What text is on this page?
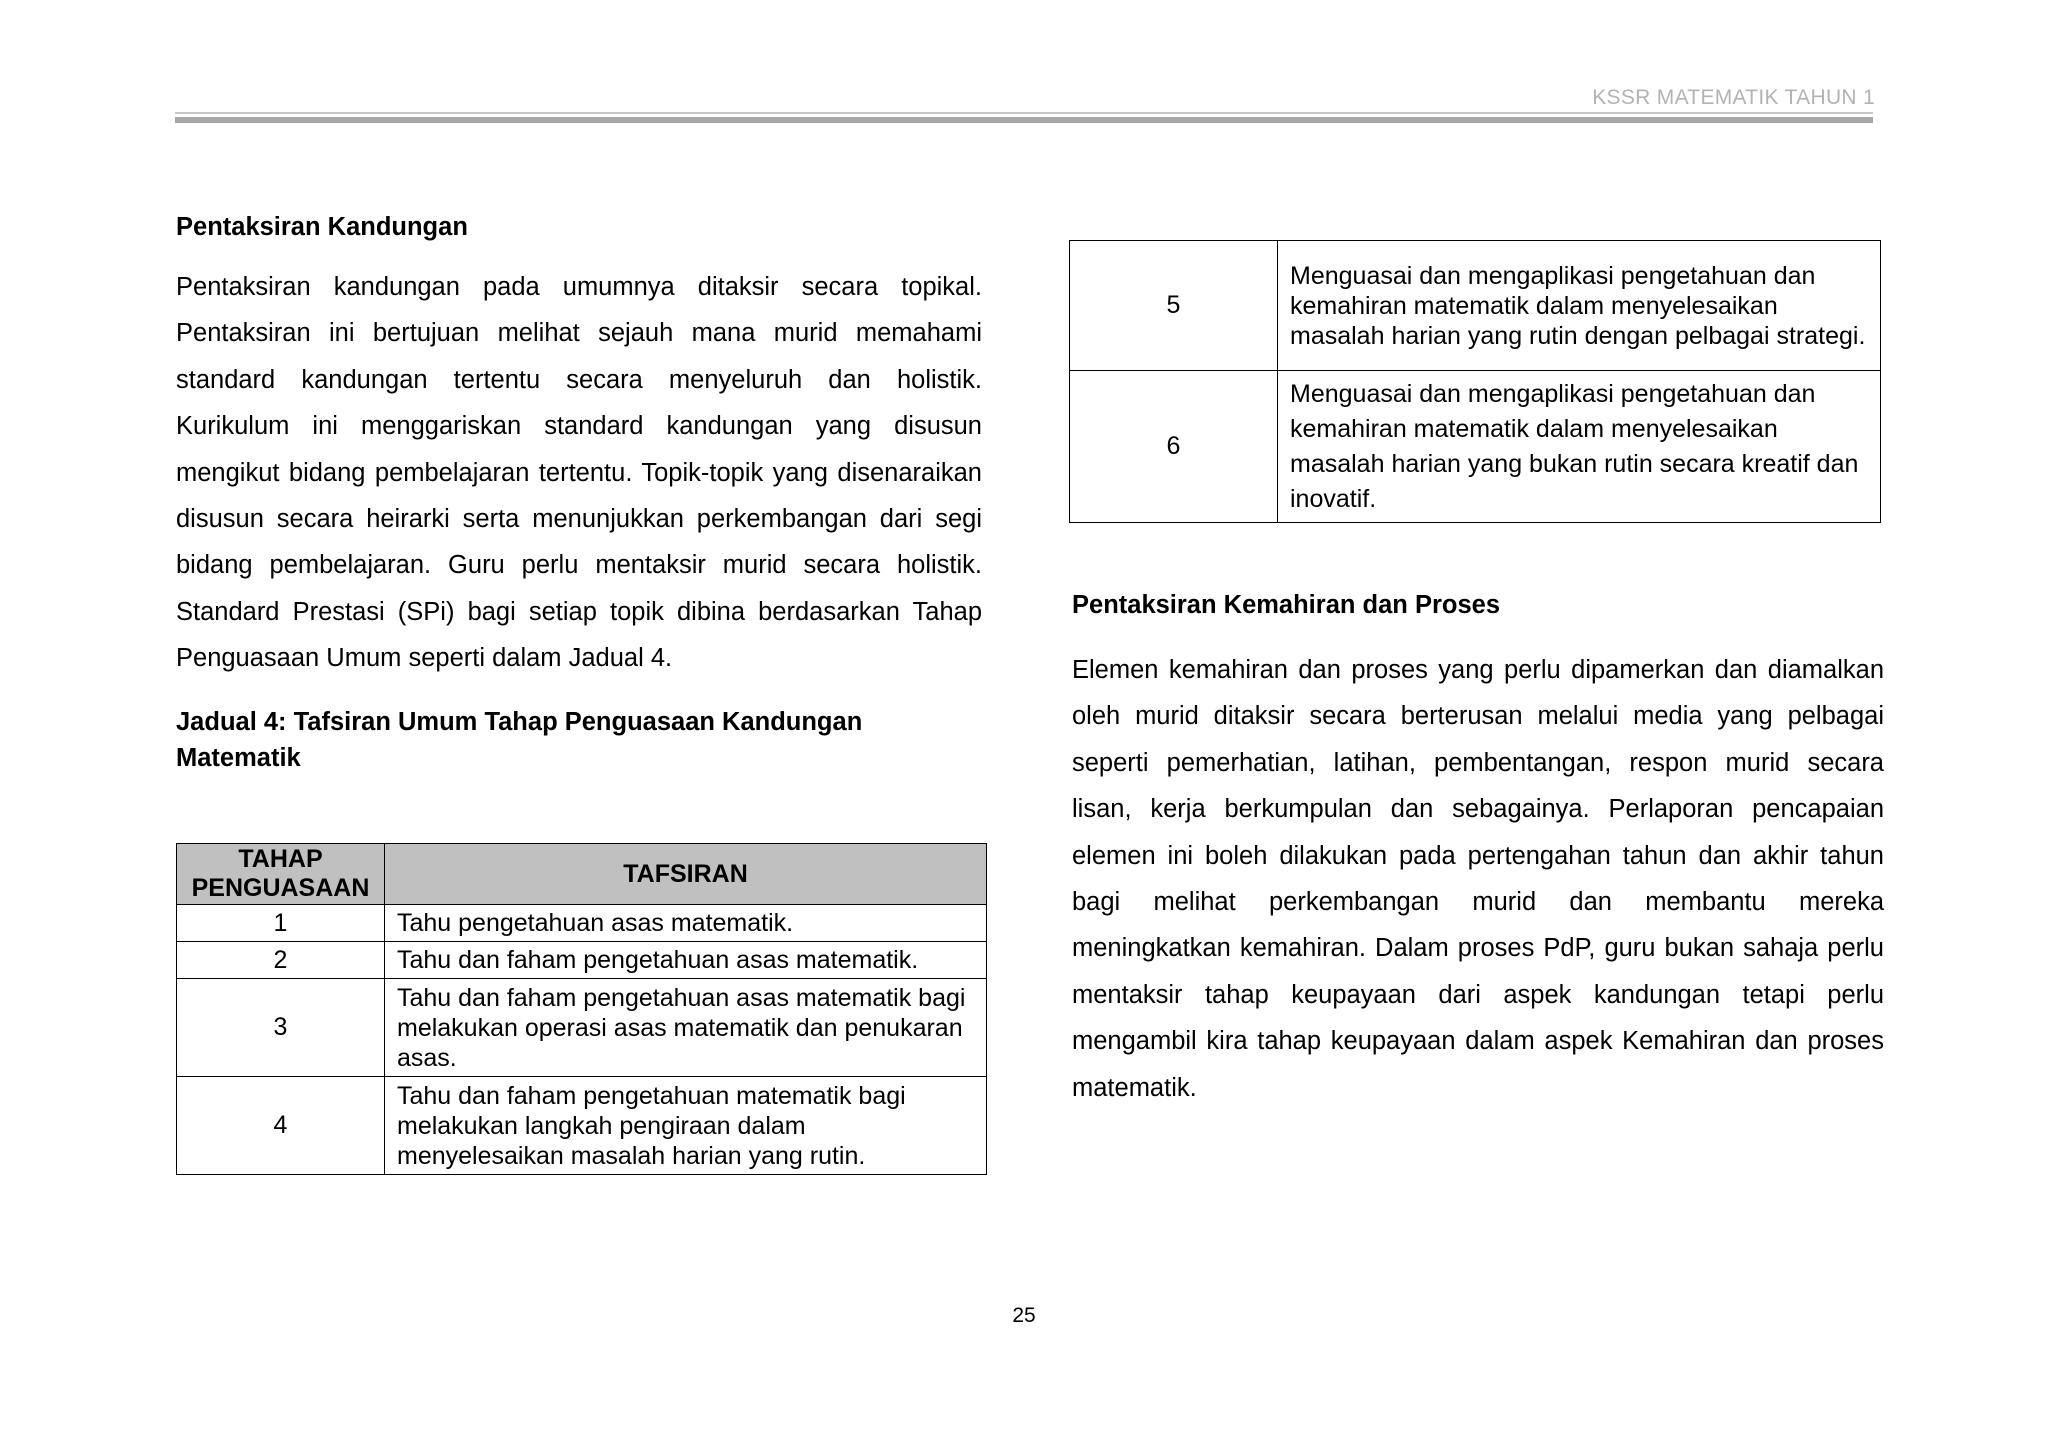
KSSR MATEMATIK TAHUN 1
Pentaksiran Kandungan

Pentaksiran kandungan pada umumnya ditaksir secara topikal. Pentaksiran ini bertujuan melihat sejauh mana murid memahami standard kandungan tertentu secara menyeluruh dan holistik. Kurikulum ini menggariskan standard kandungan yang disusun mengikut bidang pembelajaran tertentu. Topik-topik yang disenaraikan disusun secara heirarki serta menunjukkan perkembangan dari segi bidang pembelajaran. Guru perlu mentaksir murid secara holistik. Standard Prestasi (SPi) bagi setiap topik dibina berdasarkan Tahap Penguasaan Umum seperti dalam Jadual 4.

Jadual 4: Tafsiran Umum Tahap Penguasaan Kandungan Matematik
TAHAP PENGUASAAN	TAFSIRAN
1	Tahu pengetahuan asas matematik.
2	Tahu dan faham pengetahuan asas matematik.
3	Tahu dan faham pengetahuan asas matematik bagi melakukan operasi asas matematik dan penukaran asas.
4	Tahu dan faham pengetahuan matematik bagi melakukan langkah pengiraan dalam menyelesaikan masalah harian yang rutin.
5	Menguasai dan mengaplikasi pengetahuan dan kemahiran matematik dalam menyelesaikan masalah harian yang rutin dengan pelbagai strategi.
6	Menguasai dan mengaplikasi pengetahuan dan kemahiran matematik dalam menyelesaikan masalah harian yang bukan rutin secara kreatif dan inovatif.
Pentaksiran Kemahiran dan Proses

Elemen kemahiran dan proses yang perlu dipamerkan dan diamalkan oleh murid ditaksir secara berterusan melalui media yang pelbagai seperti pemerhatian, latihan, pembentangan, respon murid secara lisan, kerja berkumpulan dan sebagainya. Perlaporan pencapaian elemen ini boleh dilakukan pada pertengahan tahun dan akhir tahun bagi melihat perkembangan murid dan membantu mereka meningkatkan kemahiran. Dalam proses PdP, guru bukan sahaja perlu mentaksir tahap keupayaan dari aspek kandungan tetapi perlu mengambil kira tahap keupayaan dalam aspek Kemahiran dan proses matematik.

25
